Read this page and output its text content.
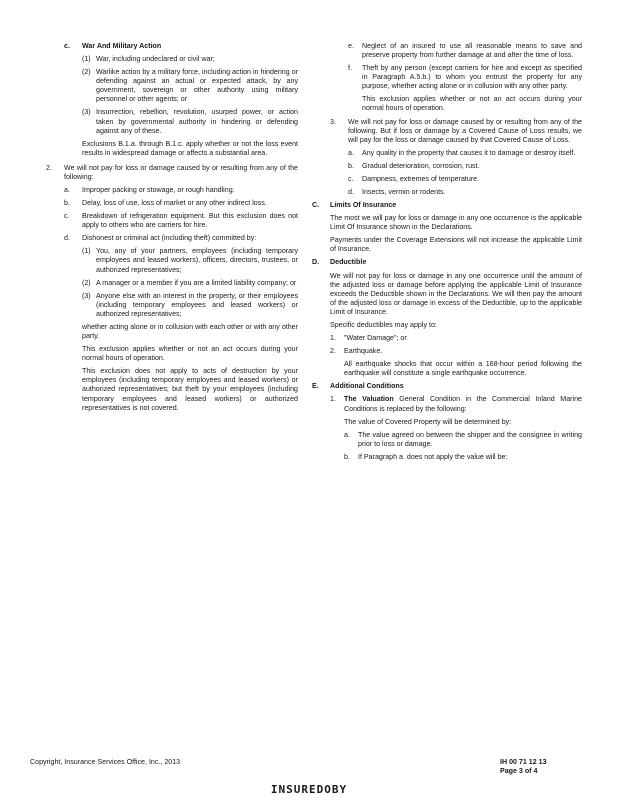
c.	War And Military Action
(1) War, including undeclared or civil war;
(2) Warlike action by a military force, including action in hindering or defending against an actual or expected attack, by any government, sovereign or other authority using military personnel or other agents; or
(3) Insurrection, rebellion, revolution, usurped power, or action taken by governmental authority in hindering or defending against any of these.

Exclusions B.1.a. through B.1.c. apply whether or not the loss event results in widespread damage or affects a substantial area.

2.	We will not pay for loss or damage caused by or resulting from any of the following:
a.	Improper packing or stowage, or rough handling.
b.	Delay, loss of use, loss of market or any other indirect loss.
c.	Breakdown of refrigeration equipment. But this exclusion does not apply to others who are carriers for hire.
d.	Dishonest or criminal act (including theft) committed by:
(1) You, any of your partners, employees (including temporary employees and leased workers), officers, directors, trustees, or authorized representatives;
(2) A manager or a member if you are a limited liability company; or
(3) Anyone else with an interest in the property, or their employees (including temporary employees and leased workers) or authorized representatives;

whether acting alone or in collusion with each other or with any other party.

This exclusion applies whether or not an act occurs during your normal hours of operation.

This exclusion does not apply to acts of destruction by your employees (including temporary employees and leased workers) or authorized representatives; but theft by your employees (including temporary employees and leased workers) or authorized representatives is not covered.

e.	Neglect of an insured to use all reasonable means to save and preserve property from further damage at and after the time of loss.
f.	Theft by any person (except carriers for hire and except as specified in Paragraph A.5.b.) to whom you entrust the property for any purpose, whether acting alone or in collusion with any other party.

This exclusion applies whether or not an act occurs during your normal hours of operation.

3.	We will not pay for loss or damage caused by or resulting from any of the following. But if loss or damage by a Covered Cause of Loss results, we will pay for the loss or damage caused by that Covered Cause of Loss.
a.	Any quality in the property that causes it to damage or destroy itself.
b.	Gradual deterioration, corrosion, rust.
c.	Dampness, extremes of temperature.
d.	Insects, vermin or rodents.
C.	Limits Of Insurance

The most we will pay for loss or damage in any one occurrence is the applicable Limit Of Insurance shown in the Declarations.

Payments under the Coverage Extensions will not increase the applicable Limit of Insurance.

D.	Deductible

We will not pay for loss or damage in any one occurrence until the amount of the adjusted loss or damage before applying the applicable Limit of Insurance exceeds the Deductible shown in the Declarations. We will then pay the amount of the adjusted loss or damage in excess of the Deductible, up to the applicable Limit of Insurance.

Specific deductibles may apply to:

1.	"Water Damage"; or
2.	Earthquake.

All earthquake shocks that occur within a 168-hour period following the earthquake will constitute a single earthquake occurrence.

E.	Additional Conditions
1.	The Valuation General Condition in the Commercial Inland Marine Conditions is replaced by the following:

The value of Covered Property will be determined by:

a.	The value agreed on between the shipper and the consignee in writing prior to loss or damage.
b.	If Paragraph a. does not apply the value will be:
Copyright, Insurance Services Office, Inc., 2013	IH 00 71 12 13
Page 3 of 4
INSUREDOBY
